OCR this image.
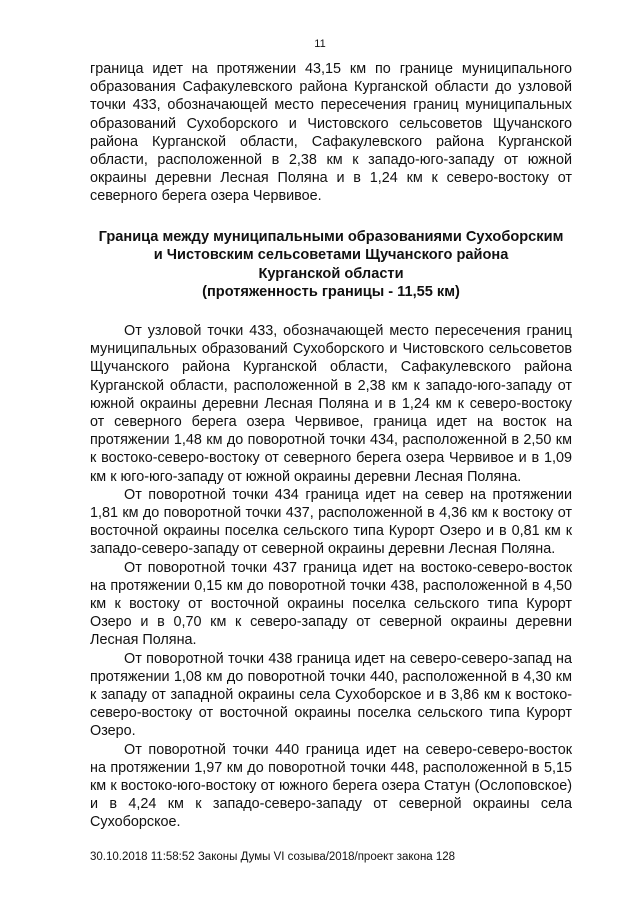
11

граница идет на протяжении 43,15 км по границе муниципального образования Сафакулевского района Курганской области до узловой точки 433, обозначающей место пересечения границ муниципальных образований Сухоборского и Чистовского сельсоветов Щучанского района Курганской области, Сафакулевского района Курганской области, расположенной в 2,38 км к западо-юго-западу от южной окраины деревни Лесная Поляна и в 1,24 км к северо-востоку от северного берега озера Червивое.

Граница между муниципальными образованиями Сухоборским
и Чистовским сельсоветами Щучанского района
Курганской области
(протяженность границы - 11,55 км)

От узловой точки 433, обозначающей место пересечения границ муниципальных образований Сухоборского и Чистовского сельсоветов Щучанского района Курганской области, Сафакулевского района Курганской области, расположенной в 2,38 км к западо-юго-западу от южной окраины деревни Лесная Поляна и в 1,24 км к северо-востоку от северного берега озера Червивое, граница идет на восток на протяжении 1,48 км до поворотной точки 434, расположенной в 2,50 км к востоко-северо-востоку от северного берега озера Червивое и в 1,09 км к юго-юго-западу от южной окраины деревни Лесная Поляна.

От поворотной точки 434 граница идет на север на протяжении 1,81 км до поворотной точки 437, расположенной в 4,36 км к востоку от восточной окраины поселка сельского типа Курорт Озеро и в 0,81 км к западо-северо-западу от северной окраины деревни Лесная Поляна.

От поворотной точки 437 граница идет на востоко-северо-восток на протяжении 0,15 км до поворотной точки 438, расположенной в 4,50 км к востоку от восточной окраины поселка сельского типа Курорт Озеро и в 0,70 км к северо-западу от северной окраины деревни Лесная Поляна.

От поворотной точки 438 граница идет на северо-северо-запад на протяжении 1,08 км до поворотной точки 440, расположенной в 4,30 км к западу от западной окраины села Сухоборское и в 3,86 км к востоко-северо-востоку от восточной окраины поселка сельского типа Курорт Озеро.

От поворотной точки 440 граница идет на северо-северо-восток на протяжении 1,97 км до поворотной точки 448, расположенной в 5,15 км к востоко-юго-востоку от южного берега озера Статун (Ослоповское) и в 4,24 км к западо-северо-западу от северной окраины села Сухоборское.

30.10.2018 11:58:52 Законы Думы VI созыва/2018/проект закона 128
